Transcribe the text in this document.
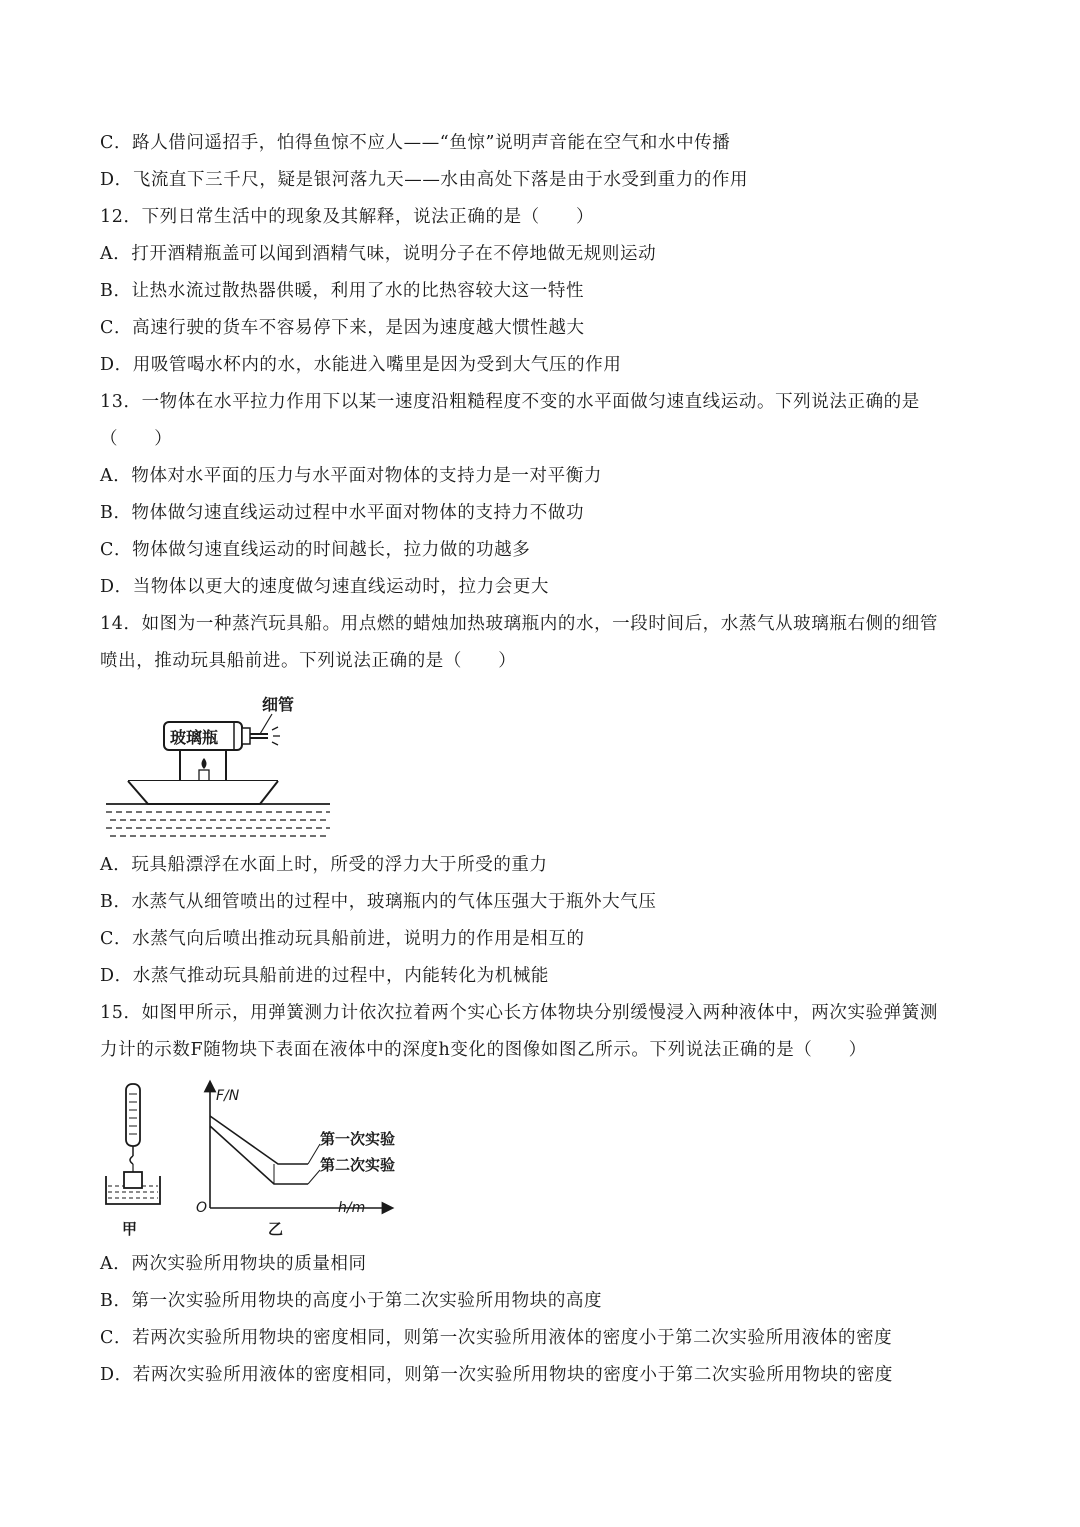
C．路人借问遥招手，怕得鱼惊不应人——“鱼惊”说明声音能在空气和水中传播
D．飞流直下三千尺，疑是银河落九天——水由高处下落是由于水受到重力的作用
12．下列日常生活中的现象及其解释，说法正确的是（　　）
A．打开酒精瓶盖可以闻到酒精气味，说明分子在不停地做无规则运动
B．让热水流过散热器供暖，利用了水的比热容较大这一特性
C．高速行驶的货车不容易停下来，是因为速度越大惯性越大
D．用吸管喝水杯内的水，水能进入嘴里是因为受到大气压的作用
13．一物体在水平拉力作用下以某一速度沿粗糙程度不变的水平面做匀速直线运动。下列说法正确的是
（　　）
A．物体对水平面的压力与水平面对物体的支持力是一对平衡力
B．物体做匀速直线运动过程中水平面对物体的支持力不做功
C．物体做匀速直线运动的时间越长，拉力做的功越多
D．当物体以更大的速度做匀速直线运动时，拉力会更大
14．如图为一种蒸汽玩具船。用点燃的蜡烛加热玻璃瓶内的水，一段时间后，水蒸气从玻璃瓶右侧的细管
喷出，推动玩具船前进。下列说法正确的是（　　）
细管
玻璃瓶
A．玩具船漂浮在水面上时，所受的浮力大于所受的重力
B．水蒸气从细管喷出的过程中，玻璃瓶内的气体压强大于瓶外大气压
C．水蒸气向后喷出推动玩具船前进，说明力的作用是相互的
D．水蒸气推动玩具船前进的过程中，内能转化为机械能
15．如图甲所示，用弹簧测力计依次拉着两个实心长方体物块分别缓慢浸入两种液体中，两次实验弹簧测
力计的示数F随物块下表面在液体中的深度h变化的图像如图乙所示。下列说法正确的是（　　）
甲
F/N
h/m
O
第一次实验
第二次实验
乙
A．两次实验所用物块的质量相同
B．第一次实验所用物块的高度小于第二次实验所用物块的高度
C．若两次实验所用物块的密度相同，则第一次实验所用液体的密度小于第二次实验所用液体的密度
D．若两次实验所用液体的密度相同，则第一次实验所用物块的密度小于第二次实验所用物块的密度
